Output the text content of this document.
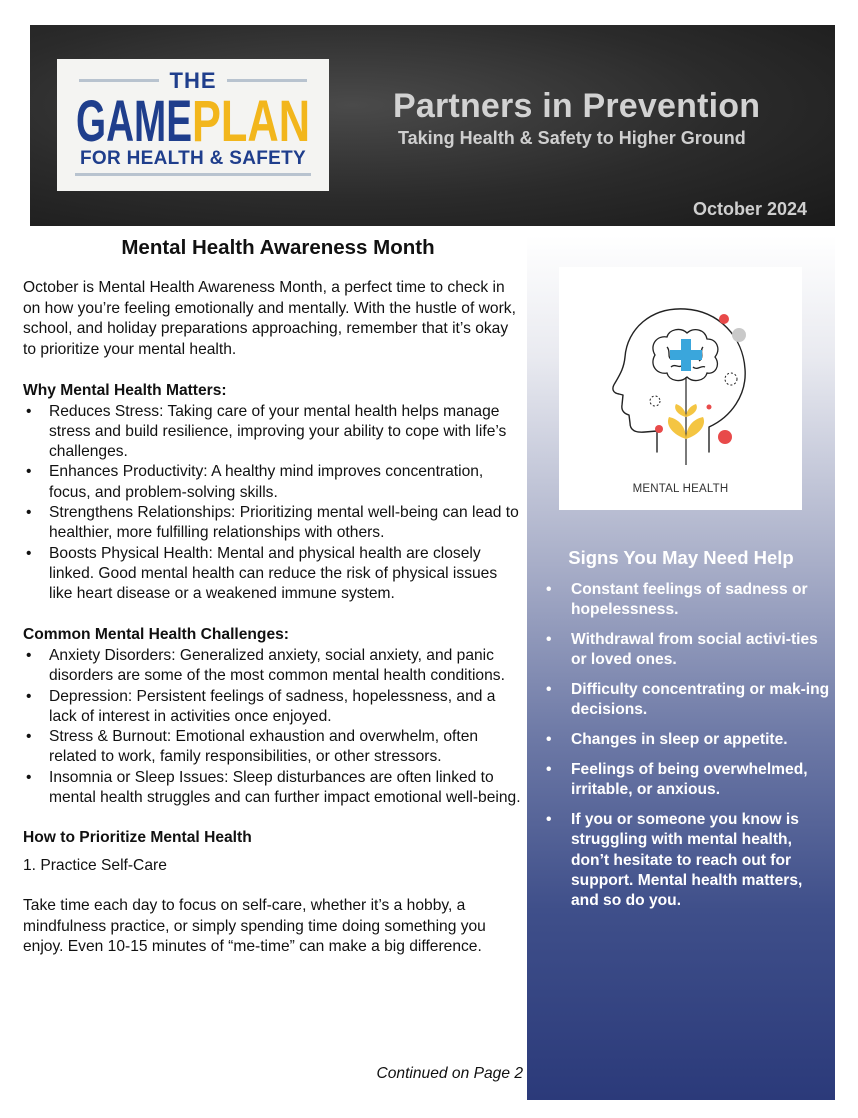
THE
GAME PLAN
FOR HEALTH & SAFETY
Partners in Prevention
Taking Health & Safety to Higher Ground
October 2024
Mental Health Awareness Month

October is Mental Health Awareness Month, a perfect time to check in on how you’re feeling emotionally and mentally. With the hustle of work, school, and holiday preparations approaching, remember that it’s okay to prioritize your mental health.

Why Mental Health Matters:

• Reduces Stress: Taking care of your mental health helps manage stress and build resilience, improving your ability to cope with life’s challenges.
• Enhances Productivity: A healthy mind improves concentration, focus, and problem-solving skills.
• Strengthens Relationships: Prioritizing mental well-being can lead to healthier, more fulfilling relationships with others.
• Boosts Physical Health: Mental and physical health are closely linked. Good mental health can reduce the risk of physical issues like heart disease or a weakened immune system.

Common Mental Health Challenges:

• Anxiety Disorders: Generalized anxiety, social anxiety, and panic disorders are some of the most common mental health conditions.
• Depression: Persistent feelings of sadness, hopelessness, and a lack of interest in activities once enjoyed.
• Stress & Burnout: Emotional exhaustion and overwhelm, often related to work, family responsibilities, or other stressors.
• Insomnia or Sleep Issues: Sleep disturbances are often linked to mental health struggles and can further impact emotional well-being.

How to Prioritize Mental Health

1. Practice Self-Care

Take time each day to focus on self-care, whether it’s a hobby, a mindfulness practice, or simply spending time doing something you enjoy. Even 10-15 minutes of “me-time” can make a big difference.

Continued on Page 2
MENTAL HEALTH
Signs You May Need Help
• Constant feelings of sadness or hopelessness.
• Withdrawal from social activi-ties or loved ones.
• Difficulty concentrating or mak-ing decisions.
• Changes in sleep or appetite.
• Feelings of being overwhelmed, irritable, or anxious.
• If you or someone you know is struggling with mental health, don’t hesitate to reach out for support. Mental health matters, and so do you.
